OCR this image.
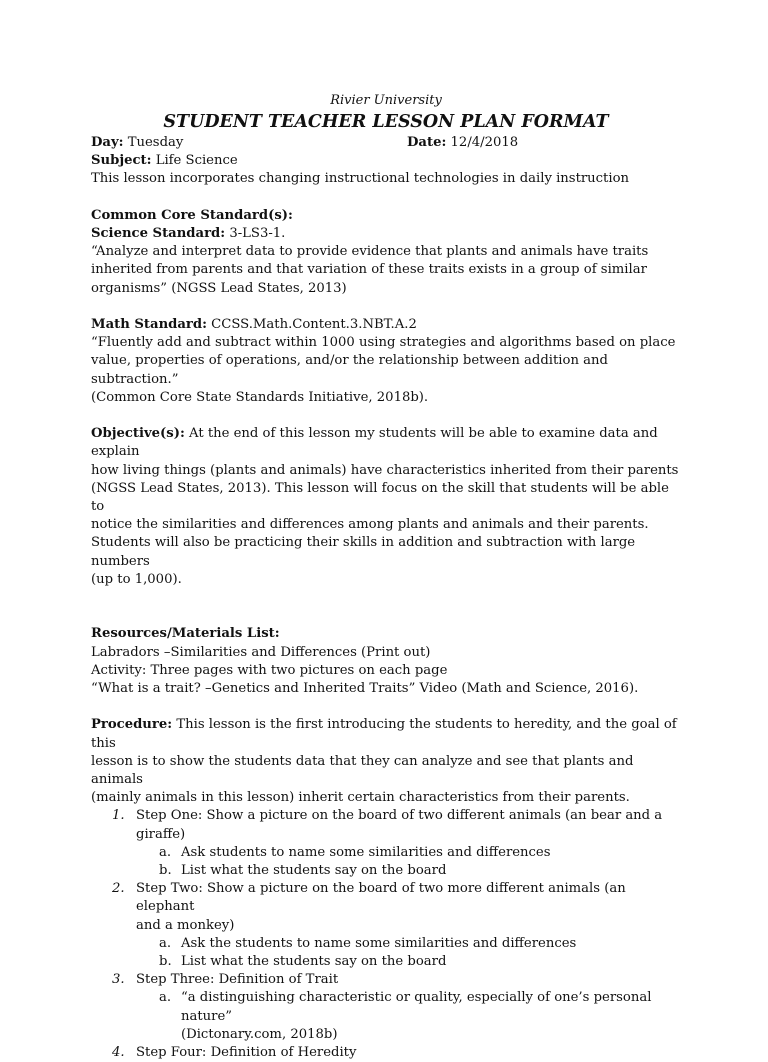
Rivier University

STUDENT TEACHER LESSON PLAN FORMAT

Day: Tuesday	Date: 12/4/2018

Subject: Life Science

This lesson incorporates changing instructional technologies in daily instruction

Common Core Standard(s):

Science Standard: 3-LS3-1.

“Analyze and interpret data to provide evidence that plants and animals have traits

inherited from parents and that variation of these traits exists in a group of similar

organisms” (NGSS Lead States, 2013)

Math Standard: CCSS.Math.Content.3.NBT.A.2

“Fluently add and subtract within 1000 using strategies and algorithms based on place

value, properties of operations, and/or the relationship between addition and subtraction.”

(Common Core State Standards Initiative, 2018b).

Objective(s): At the end of this lesson my students will be able to examine data and explain

how living things (plants and animals) have characteristics inherited from their parents

(NGSS Lead States, 2013). This lesson will focus on the skill that students will be able to

notice the similarities and differences among plants and animals and their parents.

Students will also be practicing their skills in addition and subtraction with large numbers

(up to 1,000).

Resources/Materials List:

Labradors –Similarities and Differences (Print out)

Activity: Three pages with two pictures on each page

“What is a trait? –Genetics and Inherited Traits” Video (Math and Science, 2016).

Procedure: This lesson is the first introducing the students to heredity, and the goal of this

lesson is to show the students data that they can analyze and see that plants and animals

(mainly animals in this lesson) inherit certain characteristics from their parents.

1. Step One: Show a picture on the board of two different animals (an bear and a

giraffe)

a. Ask students to name some similarities and differences

b. List what the students say on the board

2. Step Two: Show a picture on the board of two more different animals (an elephant

and a monkey)

a. Ask the students to name some similarities and differences

b. List what the students say on the board

3. Step Three: Definition of Trait

a. “a distinguishing characteristic or quality, especially of one’s personal nature”

(Dictonary.com, 2018b)

4. Step Four: Definition of Heredity
